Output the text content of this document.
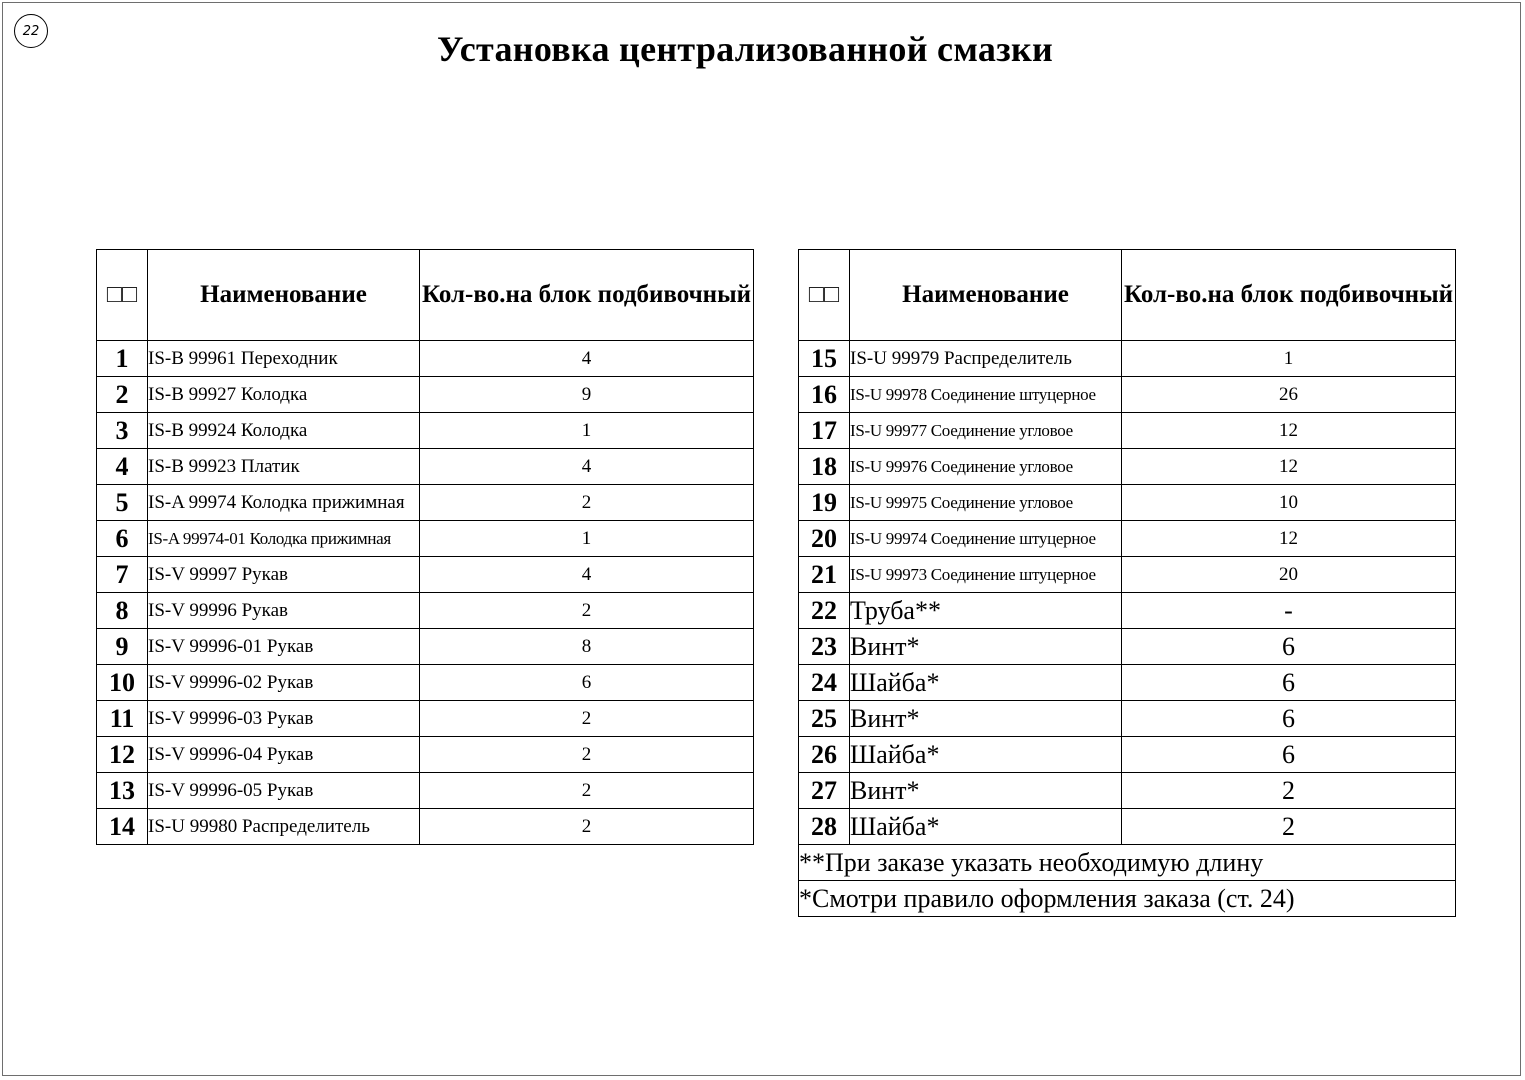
22	Установка централизованной смазки
□□	Наименование	Кол-во.на блок подбивочный
1	IS-B 99961 Переходник	4
2	IS-B 99927 Колодка	9
3	IS-B 99924 Колодка	1
4	IS-B 99923 Платик	4
5	IS-A 99974 Колодка прижимная	2
6	IS-A 99974-01 Колодка прижимная	1
7	IS-V 99997 Рукав	4
8	IS-V 99996 Рукав	2
9	IS-V 99996-01 Рукав	8
10	IS-V 99996-02 Рукав	6
11	IS-V 99996-03 Рукав	2
12	IS-V 99996-04 Рукав	2
13	IS-V 99996-05 Рукав	2
14	IS-U 99980 Распределитель	2
□□	Наименование	Кол-во.на блок подбивочный
15	IS-U 99979 Распределитель	1
16	IS-U 99978 Соединение штуцерное	26
17	IS-U 99977 Соединение угловое	12
18	IS-U 99976 Соединение угловое	12
19	IS-U 99975 Соединение угловое	10
20	IS-U 99974 Соединение штуцерное	12
21	IS-U 99973 Соединение штуцерное	20
22	Труба**	-
23	Винт*	6
24	Шайба*	6
25	Винт*	6
26	Шайба*	6
27	Винт*	2
28	Шайба*	2
**При заказе указать необходимую длину		
*Смотри правило оформления заказа (ст. 24)		
